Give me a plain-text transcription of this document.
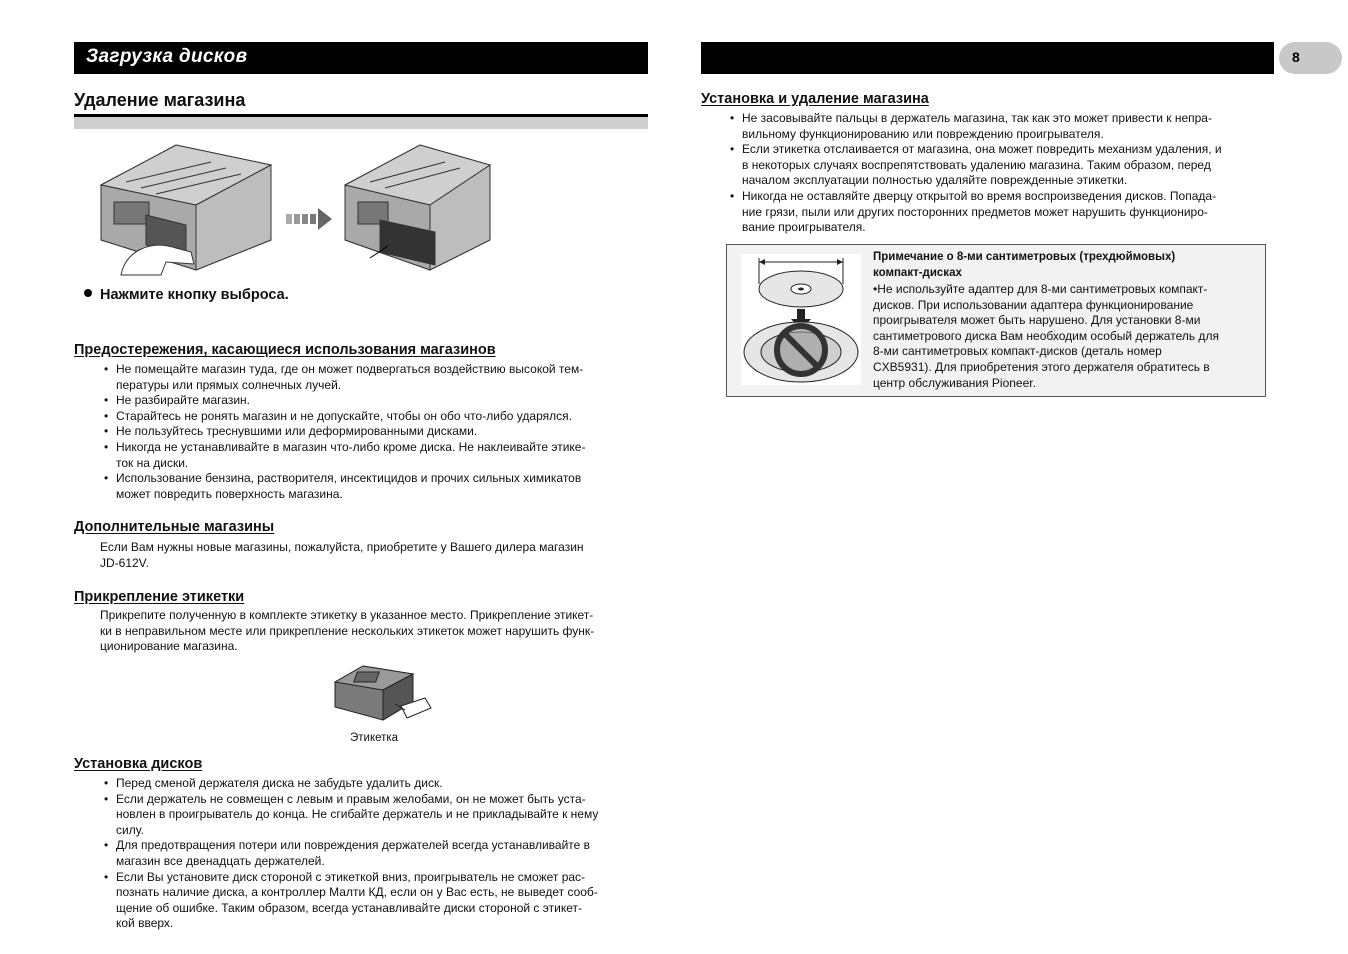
Загрузка дисков	8
Удаление магазина
Нажмите кнопку выброса.
Предостережения, касающиеся использования магазинов
• Не помещайте магазин туда, где он может подвергаться воздействию высокой тем-
пературы или прямых солнечных лучей.
• Не разбирайте магазин.
• Старайтесь не ронять магазин и не допускайте, чтобы он обо что-либо ударялся.
• Не пользуйтесь треснувшими или деформированными дисками.
• Никогда не устанавливайте в магазин что-либо кроме диска. Не наклеивайте этике-
ток на диски.
• Использование бензина, растворителя, инсектицидов и прочих сильных химикатов
может повредить поверхность магазина.
Дополнительные магазины
Если Вам нужны новые магазины, пожалуйста, приобретите у Вашего дилера магазин
JD-612V.
Прикрепление этикетки
Прикрепите полученную в комплекте этикетку в указанное место. Прикрепление этикет-
ки в неправильном месте или прикрепление нескольких этикеток может нарушить функ-
ционирование магазина.
Этикетка
Установка дисков
• Перед сменой держателя диска не забудьте удалить диск.
• Если держатель не совмещен с левым и правым желобами, он не может быть уста-
новлен в проигрыватель до конца. Не сгибайте держатель и не прикладывайте к нему
силу.
• Для предотвращения потери или повреждения держателей всегда устанавливайте в
магазин все двенадцать держателей.
• Если Вы установите диск стороной с этикеткой вниз, проигрыватель не сможет рас-
познать наличие диска, а контроллер Малти КД, если он у Вас есть, не выведет сооб-
щение об ошибке. Таким образом, всегда устанавливайте диски стороной с этикет-
кой вверх.
Установка и удаление магазина
• Не засовывайте пальцы в держатель магазина, так как это может привести к непра-
вильному функционированию или повреждению проигрывателя.
• Если этикетка отслаивается от магазина, она может повредить механизм удаления, и
в некоторых случаях воспрепятствовать удалению магазина. Таким образом, перед
началом эксплуатации полностью удаляйте поврежденные этикетки.
• Никогда не оставляйте дверцу открытой во время воспроизведения дисков. Попада-
ние грязи, пыли или других посторонних предметов может нарушить функциониро-
вание проигрывателя.
Примечание о 8-ми сантиметровых (трехдюймовых)
компакт-дисках
•Не используйте адаптер для 8-ми сантиметровых компакт-
дисков. При использовании адаптера функционирование
проигрывателя может быть нарушено. Для установки 8-ми
сантиметрового диска Вам необходим особый держатель для
8-ми сантиметровых компакт-дисков (деталь номер
CXB5931). Для приобретения этого держателя обратитесь в
центр обслуживания Pioneer.
